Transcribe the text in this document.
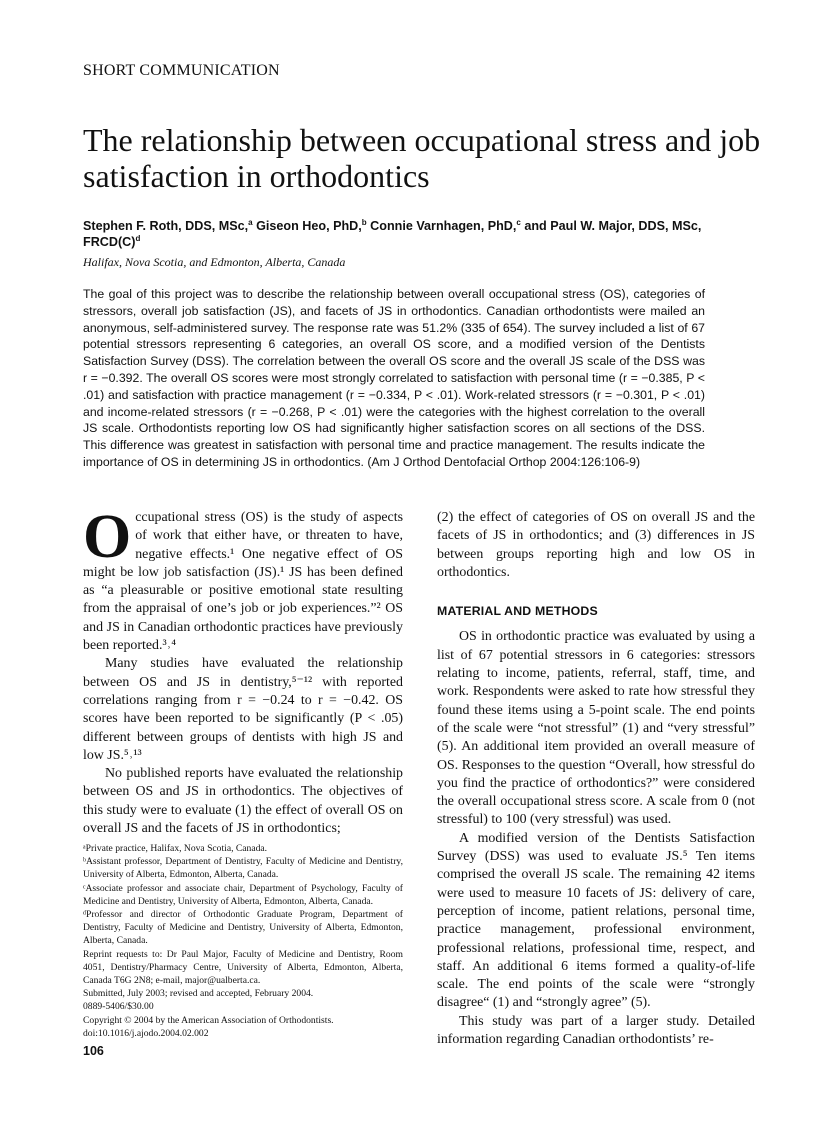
SHORT COMMUNICATION
The relationship between occupational stress and job satisfaction in orthodontics
Stephen F. Roth, DDS, MSc,$^a$ Giseon Heo, PhD,$^b$ Connie Varnhagen, PhD,$^c$ and Paul W. Major, DDS, MSc, $FRCD(C)^d$
Halifax, Nova Scotia, and Edmonton, Alberta, Canada
The goal of this project was to describe the relationship between overall occupational stress (OS), categories of stressors, overall job satisfaction (JS), and facets of JS in orthodontics. Canadian orthodontists were mailed an anonymous, self-administered survey. The response rate was 51.2% (335 of 654). The survey included a list of 67 potential stressors representing 6 categories, an overall OS score, and a modified version of the Dentists Satisfaction Survey (DSS). The correlation between the overall OS score and the overall JS scale of the DSS was r = −0.392. The overall OS scores were most strongly correlated to satisfaction with personal time (r = −0.385, P < .01) and satisfaction with practice management (r = −0.334, P < .01). Work-related stressors (r = −0.301, P < .01) and income-related stressors (r = −0.268, P < .01) were the categories with the highest correlation to the overall JS scale. Orthodontists reporting low OS had significantly higher satisfaction scores on all sections of the DSS. This difference was greatest in satisfaction with personal time and practice management. The results indicate the importance of OS in determining JS in orthodontics. (Am J Orthod Dentofacial Orthop 2004:126:106-9)

Occupational stress (OS) is the study of aspects of work that either have, or threaten to have, negative effects.¹ One negative effect of OS might be low job satisfaction (JS).¹ JS has been defined as “a pleasurable or positive emotional state resulting from the appraisal of one’s job or job experiences.”² OS and JS in Canadian orthodontic practices have previously been reported.³˒⁴

Many studies have evaluated the relationship between OS and JS in dentistry,⁵⁻¹² with reported correlations ranging from r = −0.24 to r = −0.42. OS scores have been reported to be significantly (P < .05) different between groups of dentists with high JS and low JS.⁵˒¹³

No published reports have evaluated the relationship between OS and JS in orthodontics. The objectives of this study were to evaluate (1) the effect of overall OS on overall JS and the facets of JS in orthodontics;

(2) the effect of categories of OS on overall JS and the facets of JS in orthodontics; and (3) differences in JS between groups reporting high and low OS in orthodontics.

MATERIAL AND METHODS

OS in orthodontic practice was evaluated by using a list of 67 potential stressors in 6 categories: stressors relating to income, patients, referral, staff, time, and work. Respondents were asked to rate how stressful they found these items using a 5-point scale. The end points of the scale were “not stressful” (1) and “very stressful” (5). An additional item provided an overall measure of OS. Responses to the question “Overall, how stressful do you find the practice of orthodontics?” were considered the overall occupational stress score. A scale from 0 (not stressful) to 100 (very stressful) was used.

A modified version of the Dentists Satisfaction Survey (DSS) was used to evaluate JS.⁵ Ten items comprised the overall JS scale. The remaining 42 items were used to measure 10 facets of JS: delivery of care, perception of income, patient relations, personal time, practice management, professional environment, professional relations, professional time, respect, and staff. An additional 6 items formed a quality-of-life scale. The end points of the scale were “strongly disagree“ (1) and “strongly agree” (5).

This study was part of a larger study. Detailed information regarding Canadian orthodontists’ re-

ᵃPrivate practice, Halifax, Nova Scotia, Canada.
ᵇAssistant professor, Department of Dentistry, Faculty of Medicine and Dentistry, University of Alberta, Edmonton, Alberta, Canada.
ᶜAssociate professor and associate chair, Department of Psychology, Faculty of Medicine and Dentistry, University of Alberta, Edmonton, Alberta, Canada.
ᵈProfessor and director of Orthodontic Graduate Program, Department of Dentistry, Faculty of Medicine and Dentistry, University of Alberta, Edmonton, Alberta, Canada.
Reprint requests to: Dr Paul Major, Faculty of Medicine and Dentistry, Room 4051, Dentistry/Pharmacy Centre, University of Alberta, Edmonton, Alberta, Canada T6G 2N8; e-mail, major@ualberta.ca.
Submitted, July 2003; revised and accepted, February 2004.
0889-5406/$30.00
Copyright © 2004 by the American Association of Orthodontists.
doi:10.1016/j.ajodo.2004.02.002
106
